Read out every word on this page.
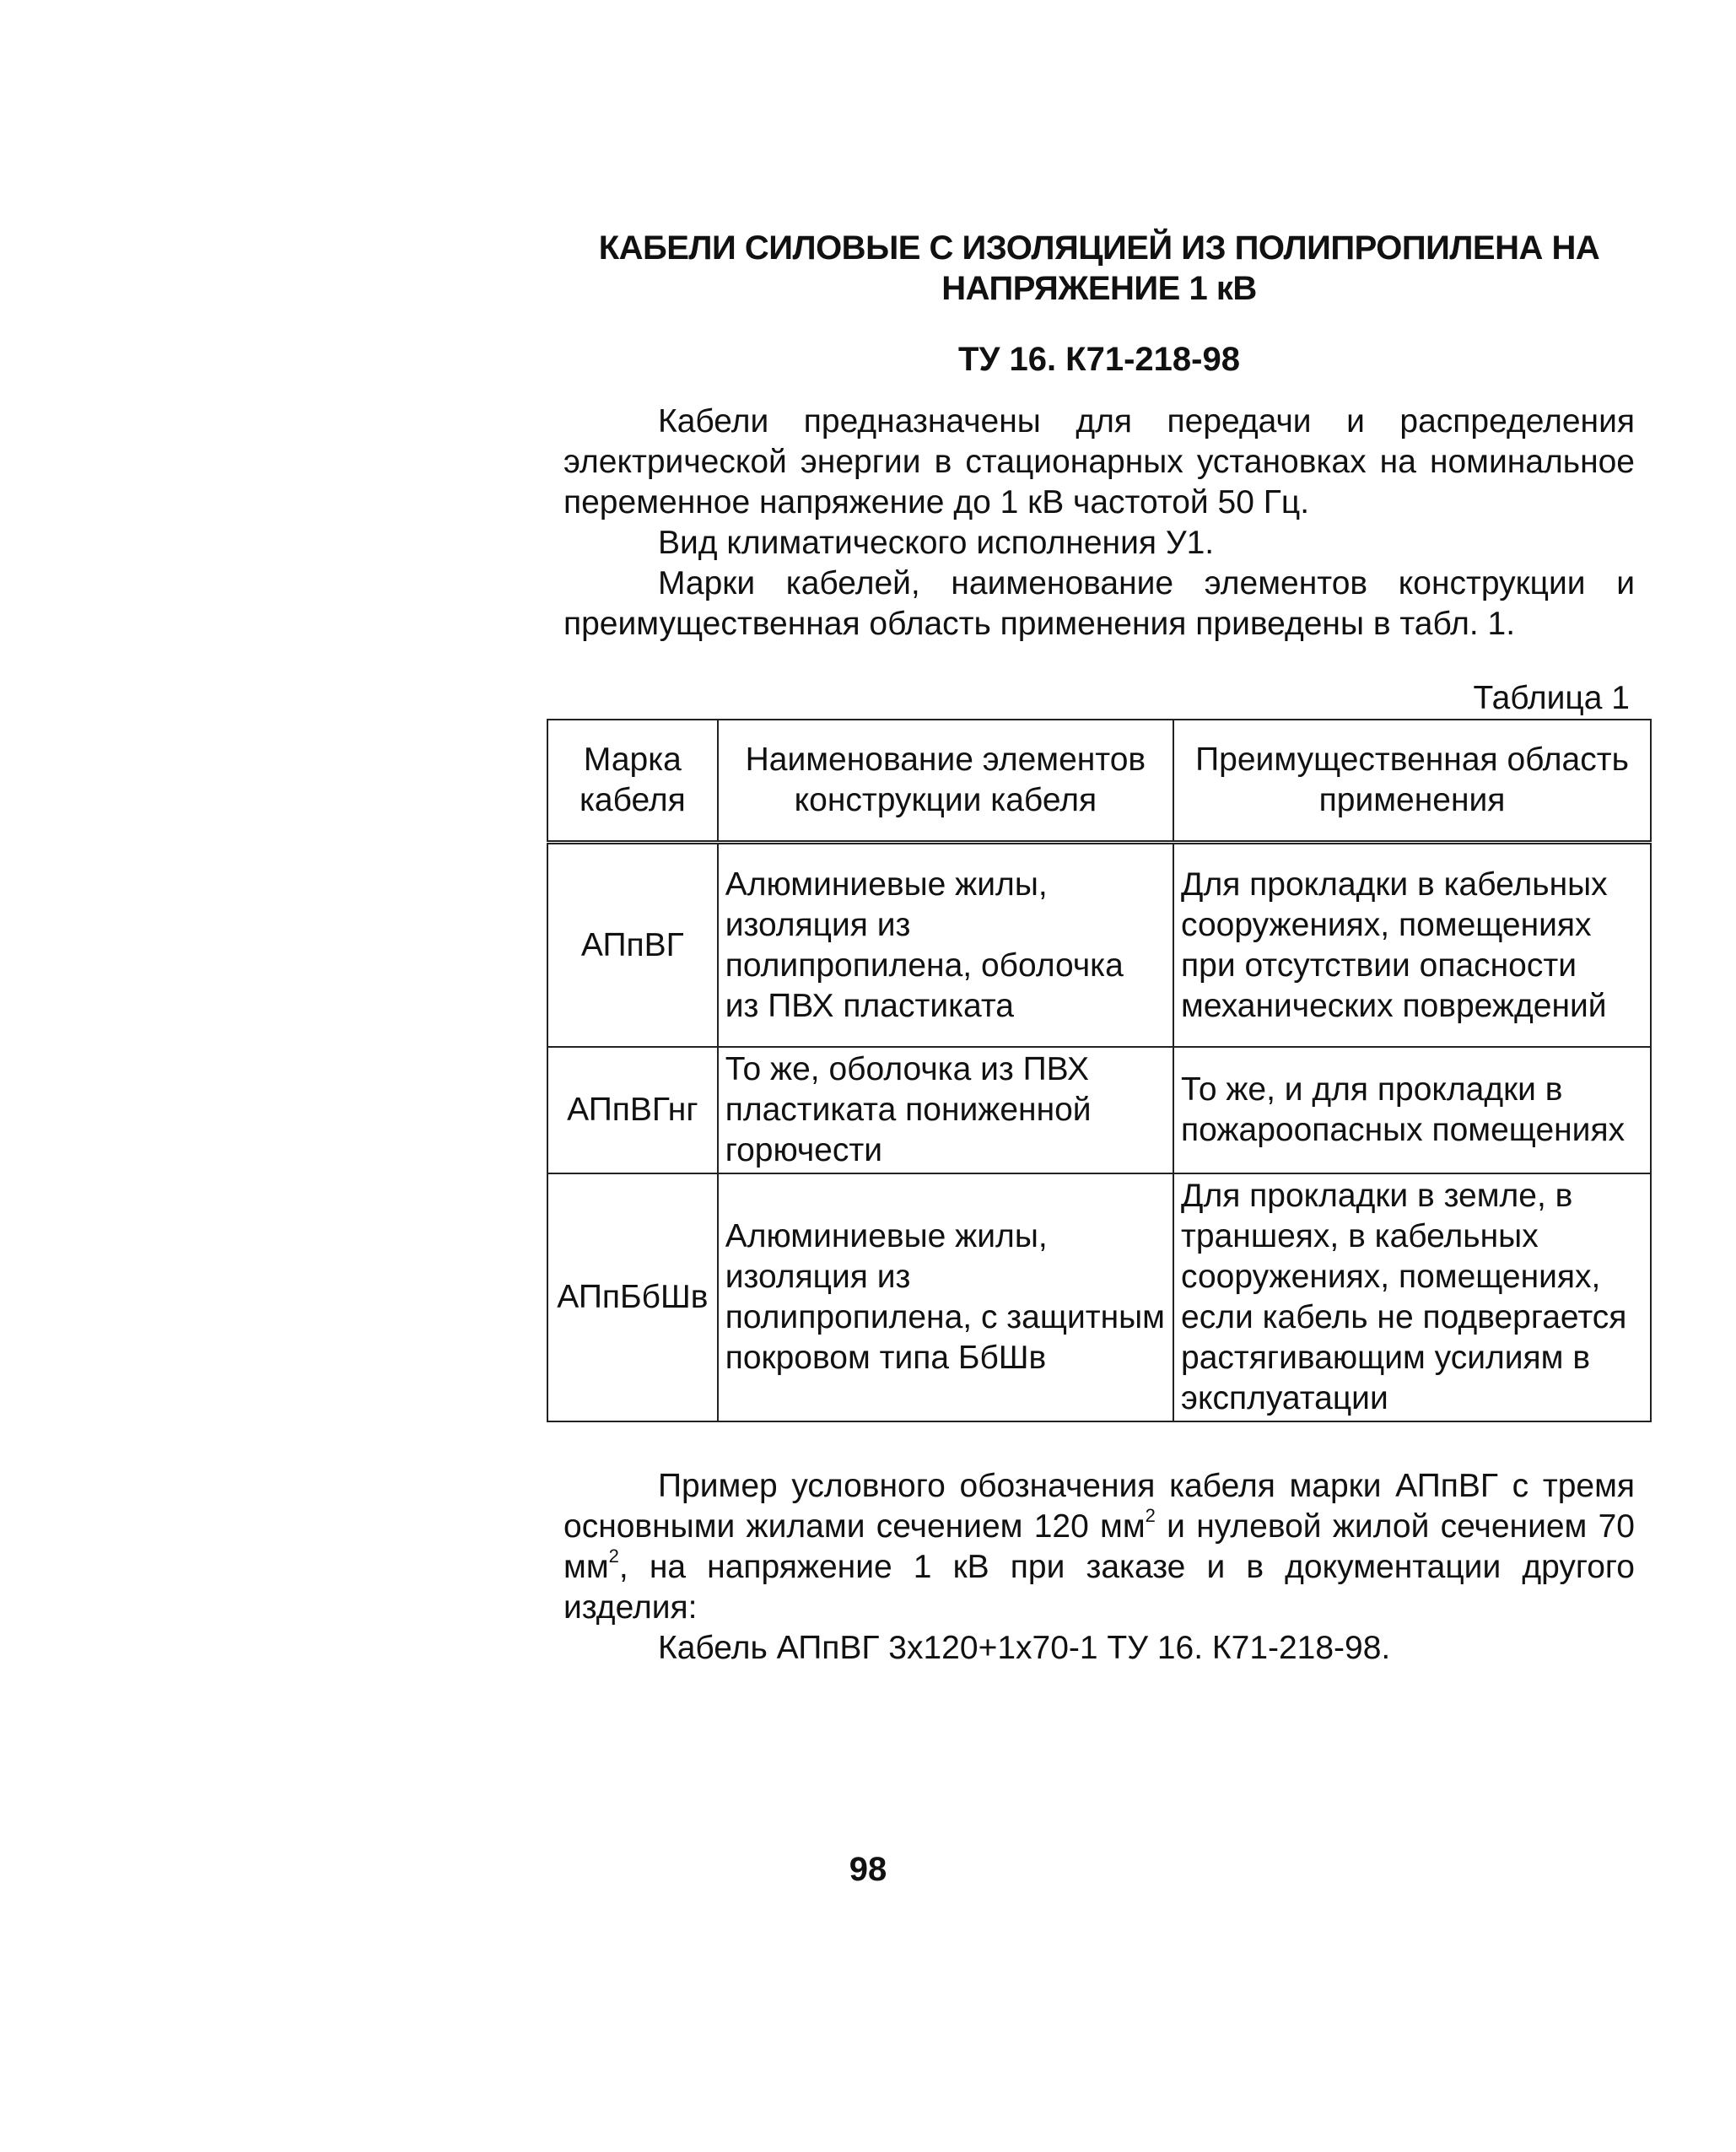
КАБЕЛИ СИЛОВЫЕ С ИЗОЛЯЦИЕЙ ИЗ ПОЛИПРОПИЛЕНА НА
НАПРЯЖЕНИЕ 1 кВ

ТУ 16. К71-218-98

Кабели предназначены для передачи и распределения электрической энергии в стационарных установках на номинальное переменное напряжение до 1 кВ частотой 50 Гц.

Вид климатического исполнения У1.

Марки кабелей, наименование элементов конструкции и преимущественная область применения приведены в табл. 1.

Таблица 1

Марка кабеля	Наименование элементов конструкции кабеля	Преимущественная область применения
АПпВГ	Алюминиевые жилы, изоляция из полипропилена, оболочка из ПВХ пластиката	Для прокладки в кабельных сооружениях, помещениях при отсутствии опасности механических повреждений
АПпВГнг	То же, оболочка из ПВХ пластиката пониженной горючести	То же, и для прокладки в пожароопасных помещениях
АПпБбШв	Алюминиевые жилы, изоляция из полипропилена, с защитным покровом типа БбШв	Для прокладки в земле, в траншеях, в кабельных сооружениях, помещениях, если кабель не подвергается растягивающим усилиям в эксплуатации

Пример условного обозначения кабеля марки АПпВГ с тремя основными жилами сечением 120 $мм^2$ и нулевой жилой сечением 70 $мм^2$, на напряжение 1 кВ при заказе и в документации другого изделия:

Кабель АПпВГ 3х120+1х70-1 ТУ 16. К71-218-98.

98
